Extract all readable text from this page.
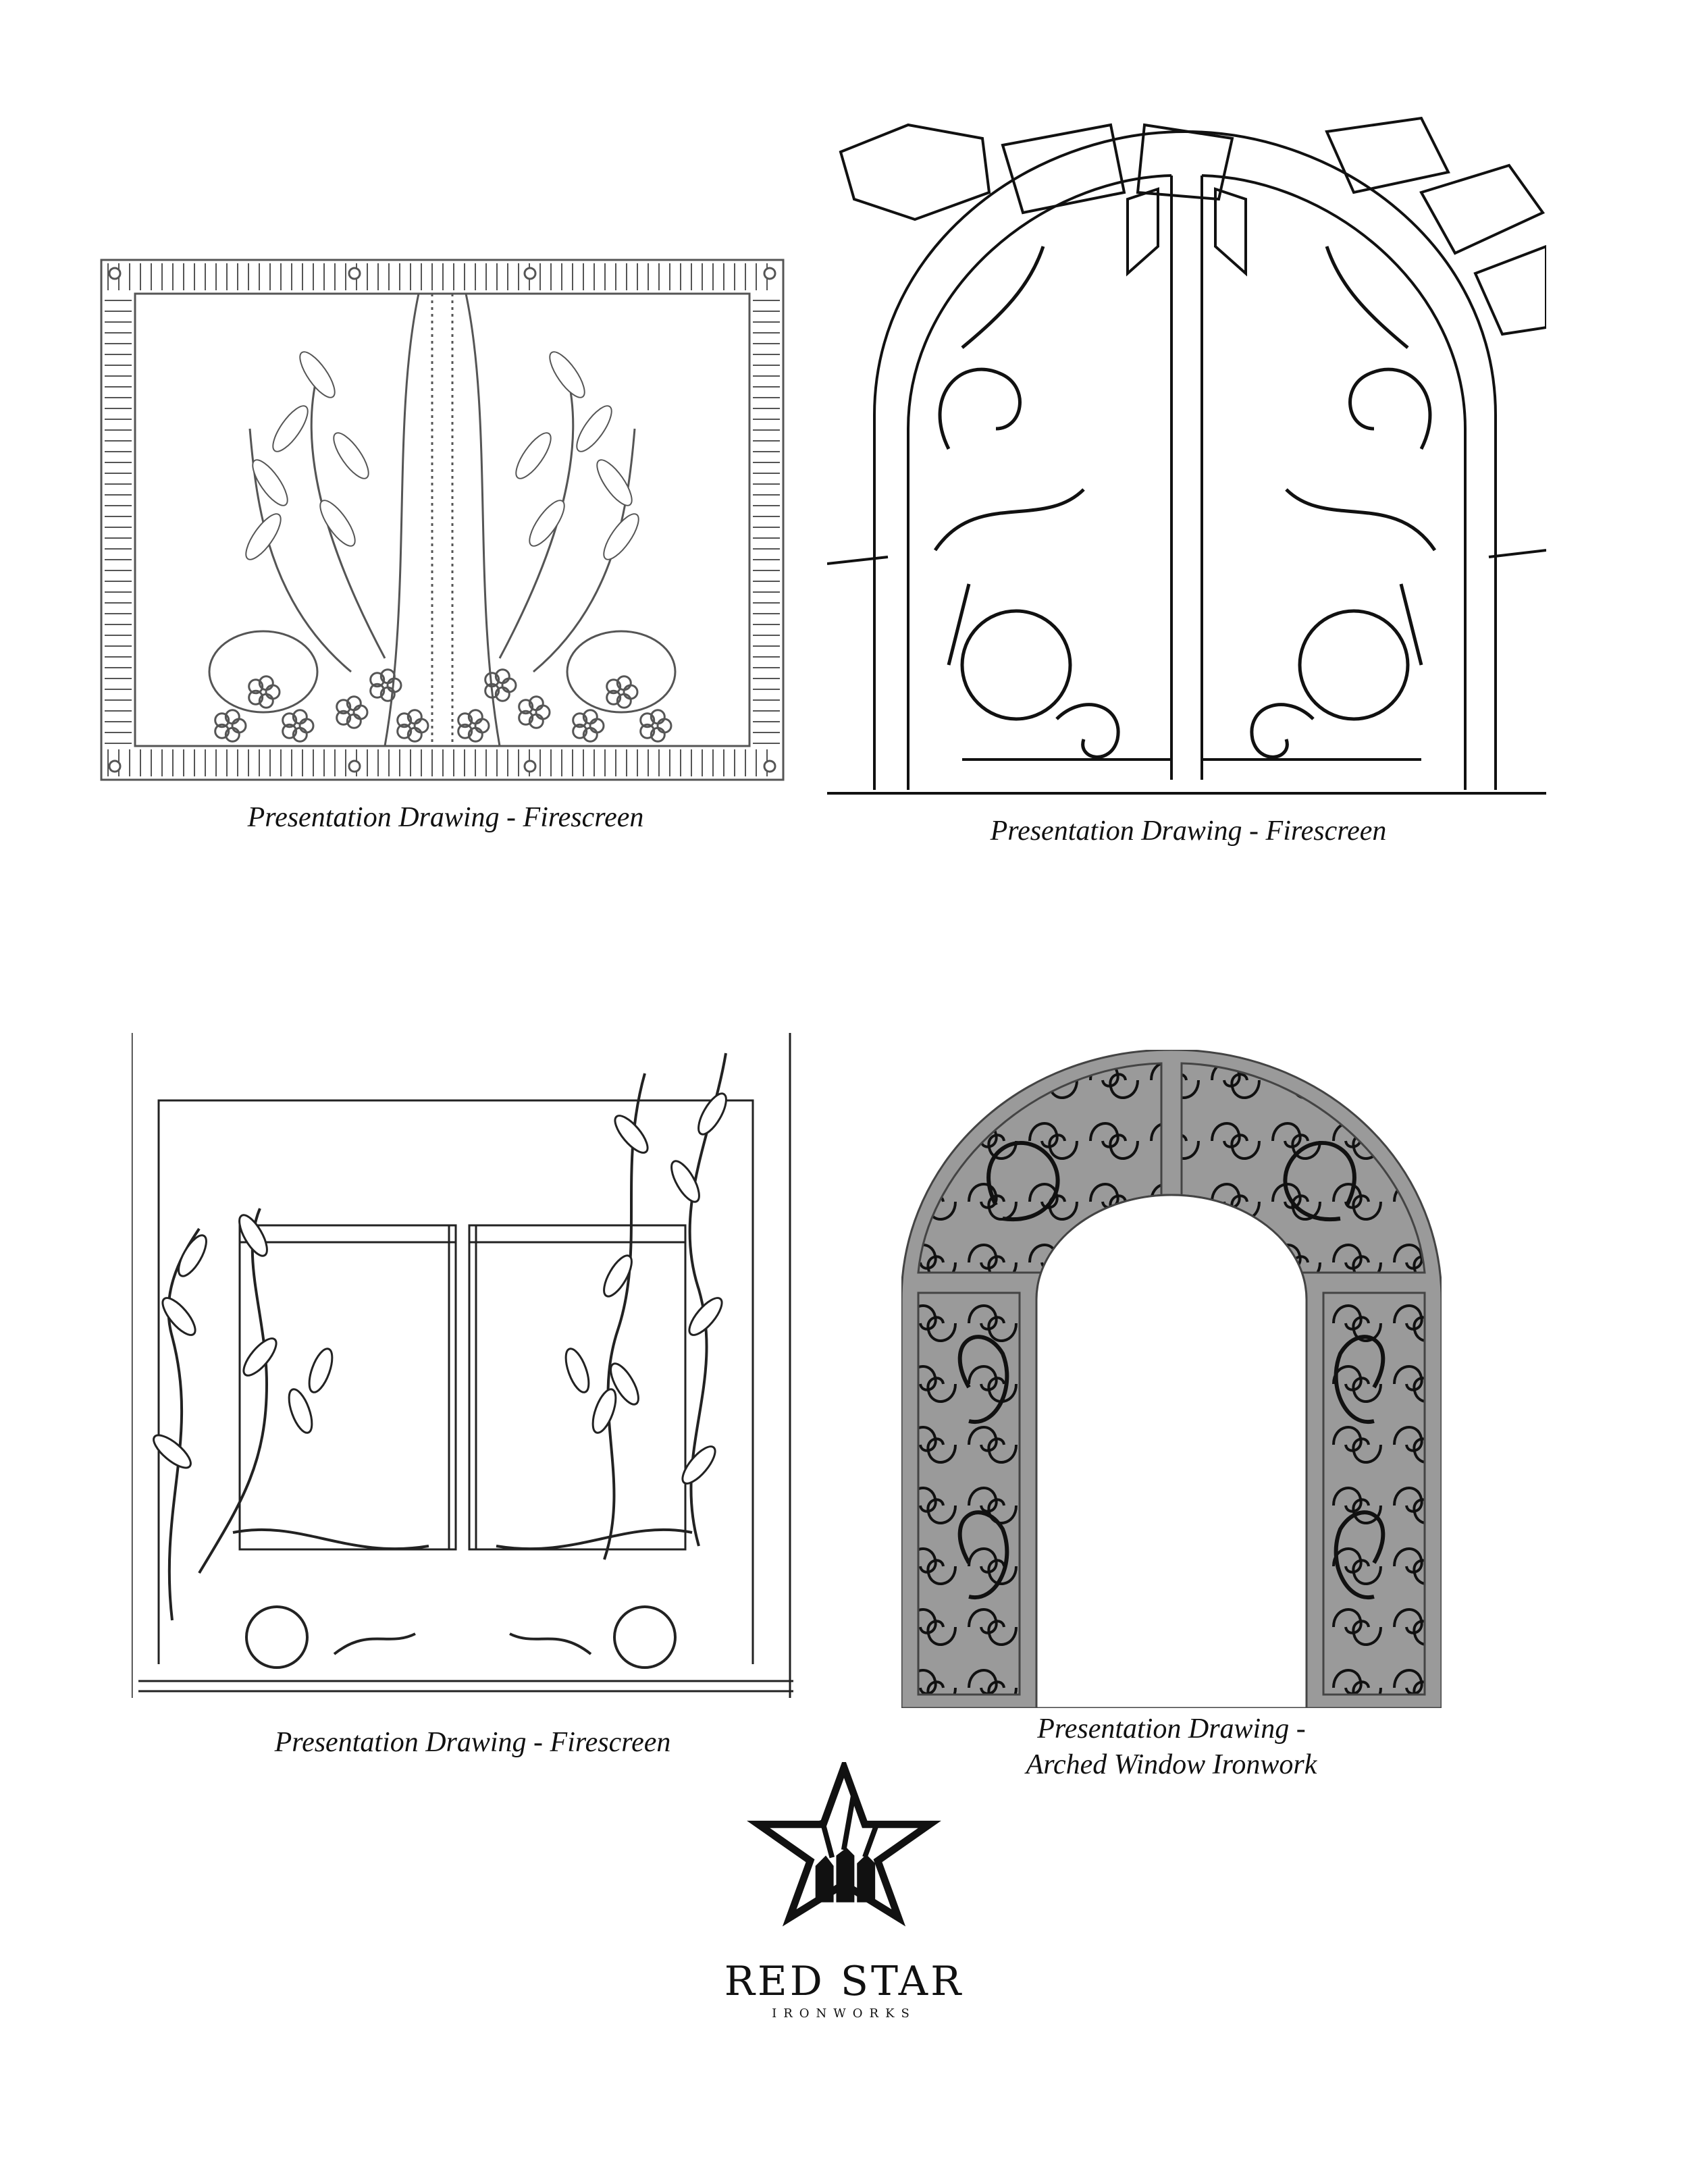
Presentation Drawing - Firescreen	Presentation Drawing - Firescreen
Presentation Drawing - Firescreen	Presentation Drawing -
Arched Window Ironwork
RED STAR
IRONWORKS
